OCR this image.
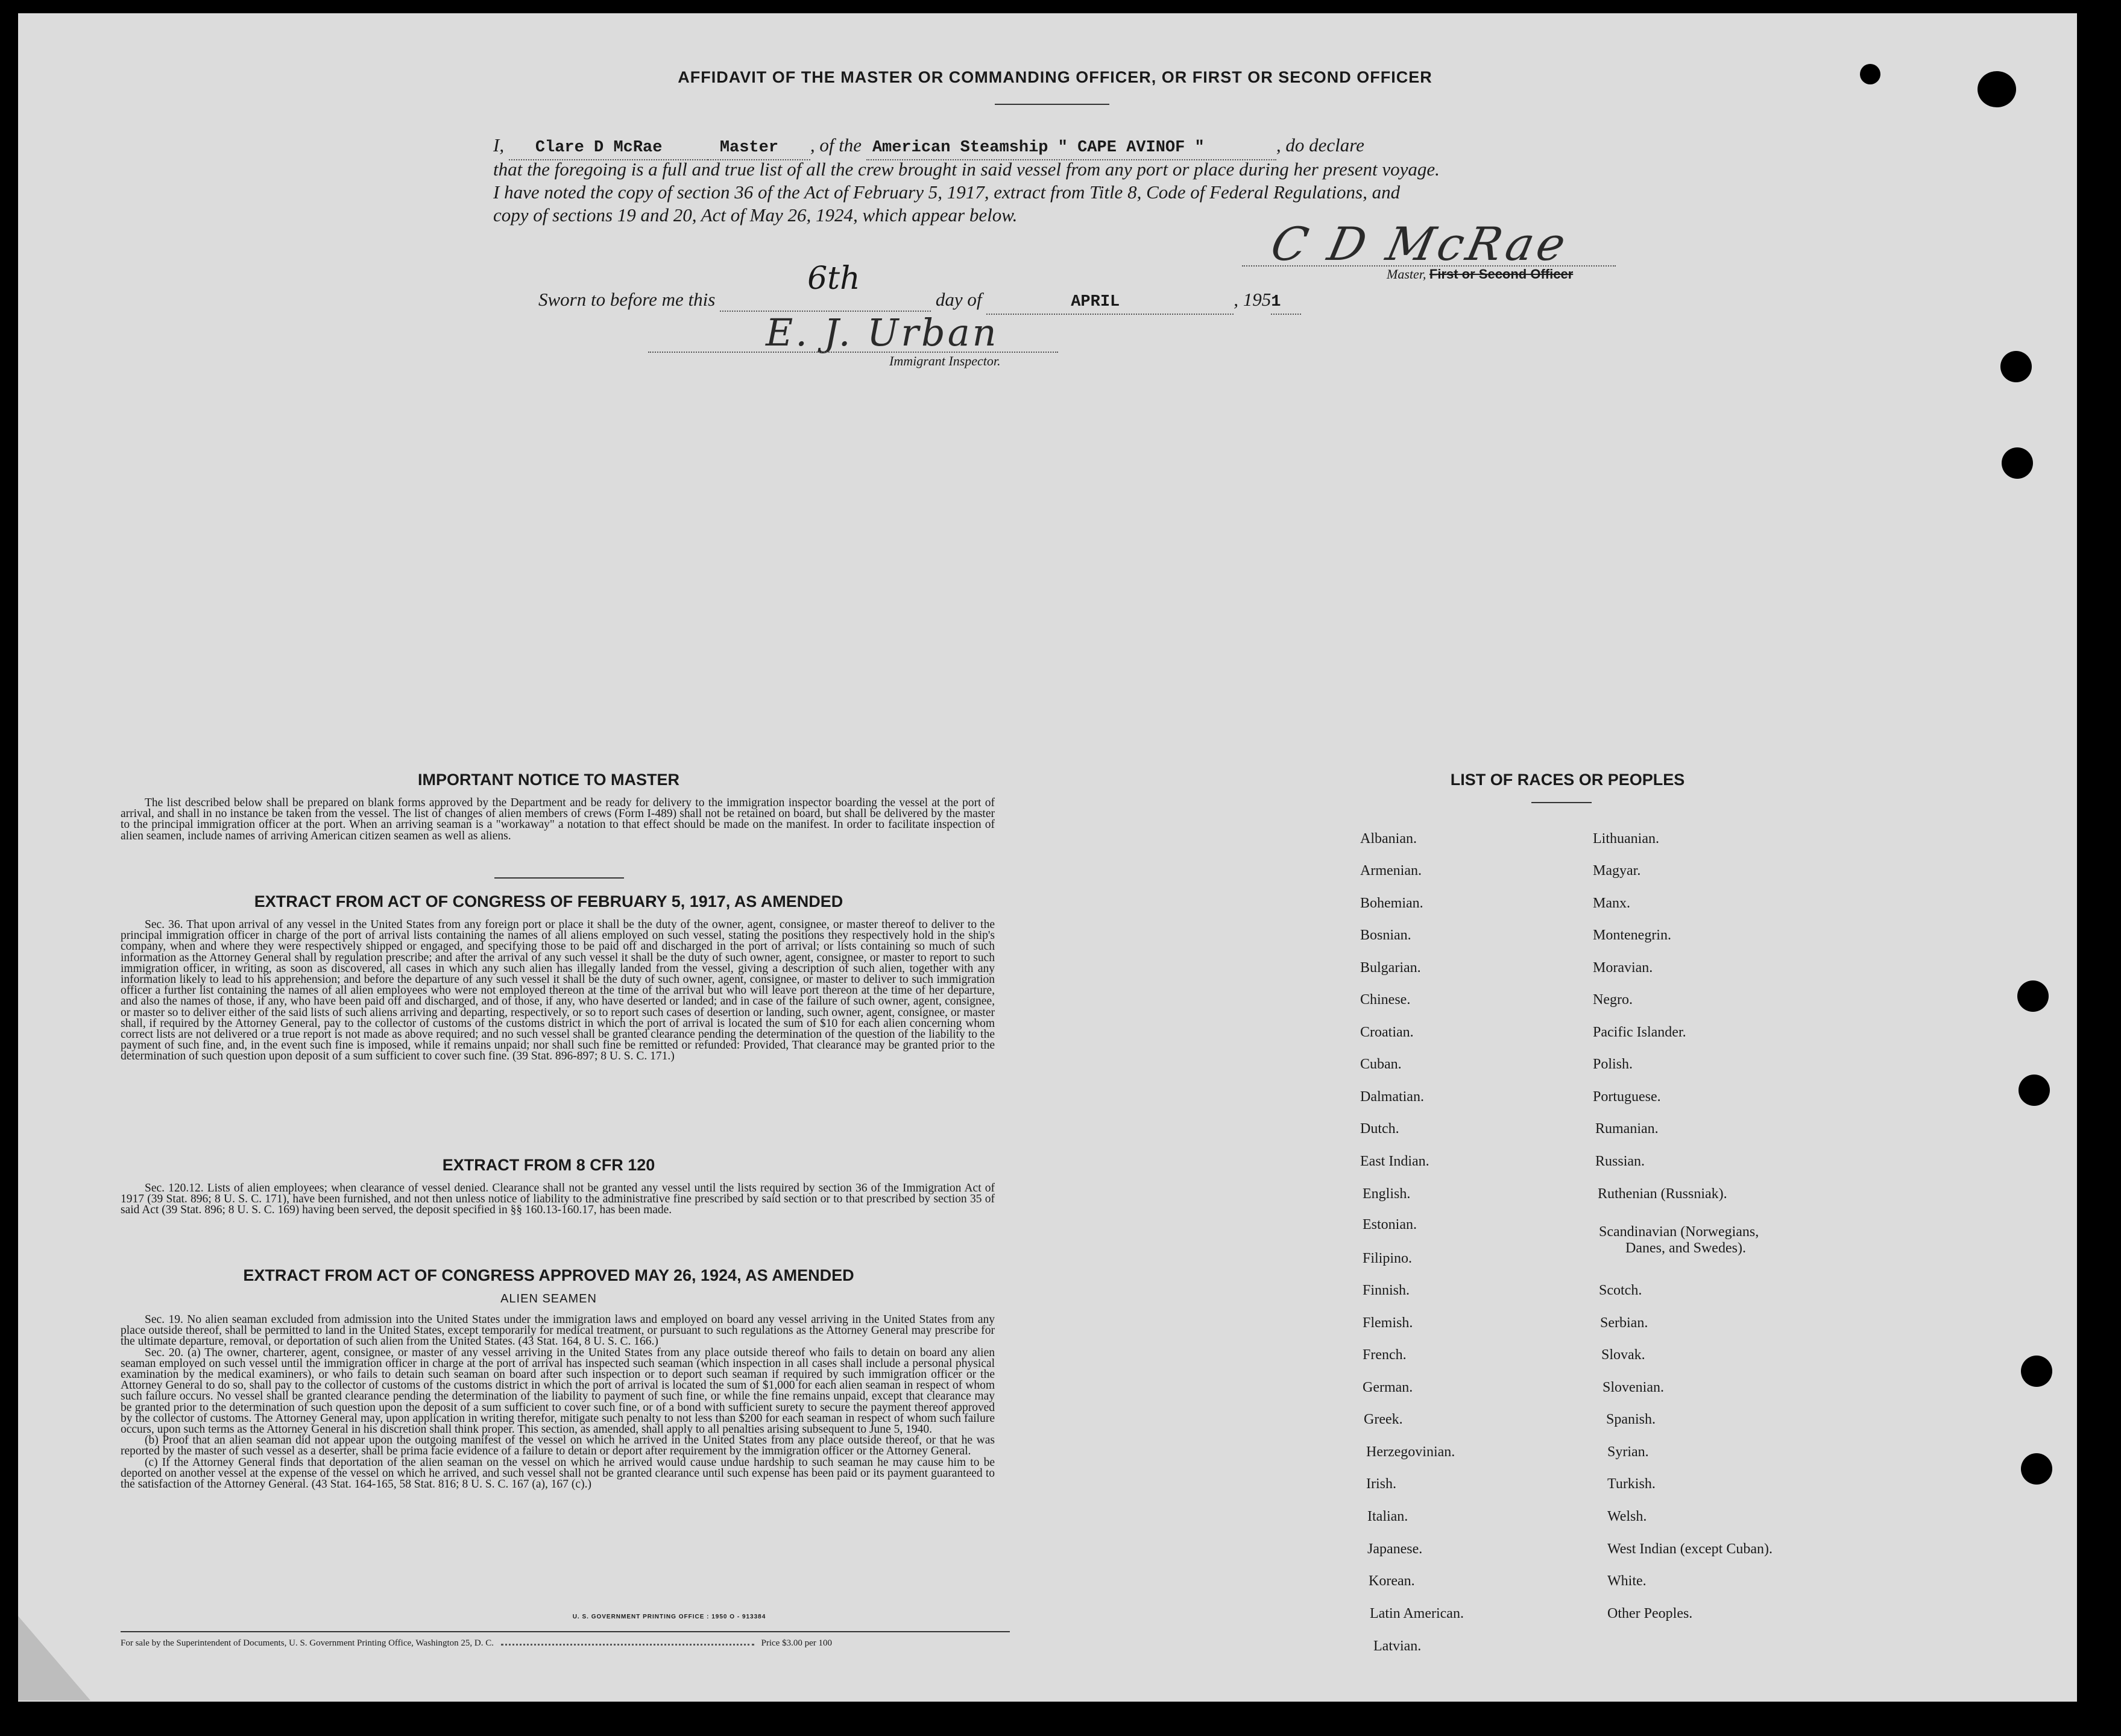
AFFIDAVIT OF THE MASTER OR COMMANDING OFFICER, OR FIRST OR SECOND OFFICER
I, Clare D McRae	Master , of the American Steamship " CAPE AVINOF "	, do declare
that the foregoing is a full and true list of all the crew brought in said vessel from any port or place during her present voyage.
I have noted the copy of section 36 of the Act of February 5, 1917, extract from Title 8, Code of Federal Regulations, and
copy of sections 19 and 20, Act of May 26, 1924, which appear below.
C D McRae
Master, First or Second Officer
Sworn to before me this
6th
day of	APRIL	, 1951
E. J. Urban
Immigrant Inspector.
IMPORTANT NOTICE TO MASTER

The list described below shall be prepared on blank forms approved by the Department and be ready for delivery to the immigration inspector boarding the vessel at the port of arrival, and shall in no instance be taken from the vessel. The list of changes of alien members of crews (Form I-489) shall not be retained on board, but shall be delivered by the master to the principal immigration officer at the port. When an arriving seaman is a "workaway" a notation to that effect should be made on the manifest. In order to facilitate inspection of alien seamen, include names of arriving American citizen seamen as well as aliens.

EXTRACT FROM ACT OF CONGRESS OF FEBRUARY 5, 1917, AS AMENDED

Sec. 36. That upon arrival of any vessel in the United States from any foreign port or place it shall be the duty of the owner, agent, consignee, or master thereof to deliver to the principal immigration officer in charge of the port of arrival lists containing the names of all aliens employed on such vessel, stating the positions they respectively hold in the ship's company, when and where they were respectively shipped or engaged, and specifying those to be paid off and discharged in the port of arrival; or lists containing so much of such information as the Attorney General shall by regulation prescribe; and after the arrival of any such vessel it shall be the duty of such owner, agent, consignee, or master to report to such immigration officer, in writing, as soon as discovered, all cases in which any such alien has illegally landed from the vessel, giving a description of such alien, together with any information likely to lead to his apprehension; and before the departure of any such vessel it shall be the duty of such owner, agent, consignee, or master to deliver to such immigration officer a further list containing the names of all alien employees who were not employed thereon at the time of the arrival but who will leave port thereon at the time of her departure, and also the names of those, if any, who have been paid off and discharged, and of those, if any, who have deserted or landed; and in case of the failure of such owner, agent, consignee, or master so to deliver either of the said lists of such aliens arriving and departing, respectively, or so to report such cases of desertion or landing, such owner, agent, consignee, or master shall, if required by the Attorney General, pay to the collector of customs of the customs district in which the port of arrival is located the sum of $10 for each alien concerning whom correct lists are not delivered or a true report is not made as above required; and no such vessel shall be granted clearance pending the determination of the question of the liability to the payment of such fine, and, in the event such fine is imposed, while it remains unpaid; nor shall such fine be remitted or refunded: Provided, That clearance may be granted prior to the determination of such question upon deposit of a sum sufficient to cover such fine. (39 Stat. 896-897; 8 U. S. C. 171.)

EXTRACT FROM 8 CFR 120

Sec. 120.12. Lists of alien employees; when clearance of vessel denied. Clearance shall not be granted any vessel until the lists required by section 36 of the Immigration Act of 1917 (39 Stat. 896; 8 U. S. C. 171), have been furnished, and not then unless notice of liability to the administrative fine prescribed by said section or to that prescribed by section 35 of said Act (39 Stat. 896; 8 U. S. C. 169) having been served, the deposit specified in §§ 160.13-160.17, has been made.

EXTRACT FROM ACT OF CONGRESS APPROVED MAY 26, 1924, AS AMENDED
ALIEN SEAMEN

Sec. 19. No alien seaman excluded from admission into the United States under the immigration laws and employed on board any vessel arriving in the United States from any place outside thereof, shall be permitted to land in the United States, except temporarily for medical treatment, or pursuant to such regulations as the Attorney General may prescribe for the ultimate departure, removal, or deportation of such alien from the United States. (43 Stat. 164, 8 U. S. C. 166.)

Sec. 20. (a) The owner, charterer, agent, consignee, or master of any vessel arriving in the United States from any place outside thereof who fails to detain on board any alien seaman employed on such vessel until the immigration officer in charge at the port of arrival has inspected such seaman (which inspection in all cases shall include a personal physical examination by the medical examiners), or who fails to detain such seaman on board after such inspection or to deport such seaman if required by such immigration officer or the Attorney General to do so, shall pay to the collector of customs of the customs district in which the port of arrival is located the sum of $1,000 for each alien seaman in respect of whom such failure occurs. No vessel shall be granted clearance pending the determination of the liability to payment of such fine, or while the fine remains unpaid, except that clearance may be granted prior to the determination of such question upon the deposit of a sum sufficient to cover such fine, or of a bond with sufficient surety to secure the payment thereof approved by the collector of customs. The Attorney General may, upon application in writing therefor, mitigate such penalty to not less than $200 for each seaman in respect of whom such failure occurs, upon such terms as the Attorney General in his discretion shall think proper. This section, as amended, shall apply to all penalties arising subsequent to June 5, 1940.

(b) Proof that an alien seaman did not appear upon the outgoing manifest of the vessel on which he arrived in the United States from any place outside thereof, or that he was reported by the master of such vessel as a deserter, shall be prima facie evidence of a failure to detain or deport after requirement by the immigration officer or the Attorney General.

(c) If the Attorney General finds that deportation of the alien seaman on the vessel on which he arrived would cause undue hardship to such seaman he may cause him to be deported on another vessel at the expense of the vessel on which he arrived, and such vessel shall not be granted clearance until such expense has been paid or its payment guaranteed to the satisfaction of the Attorney General. (43 Stat. 164-165, 58 Stat. 816; 8 U. S. C. 167 (a), 167 (c).)

U. S. GOVERNMENT PRINTING OFFICE : 1950 O - 913384
For sale by the Superintendent of Documents, U. S. Government Printing Office, Washington 25, D. C.	Price $3.00 per 100
LIST OF RACES OR PEOPLES
Albanian.
Armenian.
Bohemian.
Bosnian.
Bulgarian.
Chinese.
Croatian.
Cuban.
Dalmatian.
Dutch.
East Indian.
English.
Estonian.
Filipino.
Finnish.
Flemish.
French.
German.
Greek.
Herzegovinian.
Irish.
Italian.
Japanese.
Korean.
Latin American.
Latvian.
Lithuanian.
Magyar.
Manx.
Montenegrin.
Moravian.
Negro.
Pacific Islander.
Polish.
Portuguese.
Rumanian.
Russian.
Ruthenian (Russniak).
Scandinavian (Norwegians,
Danes, and Swedes).
Scotch.
Serbian.
Slovak.
Slovenian.
Spanish.
Syrian.
Turkish.
Welsh.
West Indian (except Cuban).
White.
Other Peoples.
